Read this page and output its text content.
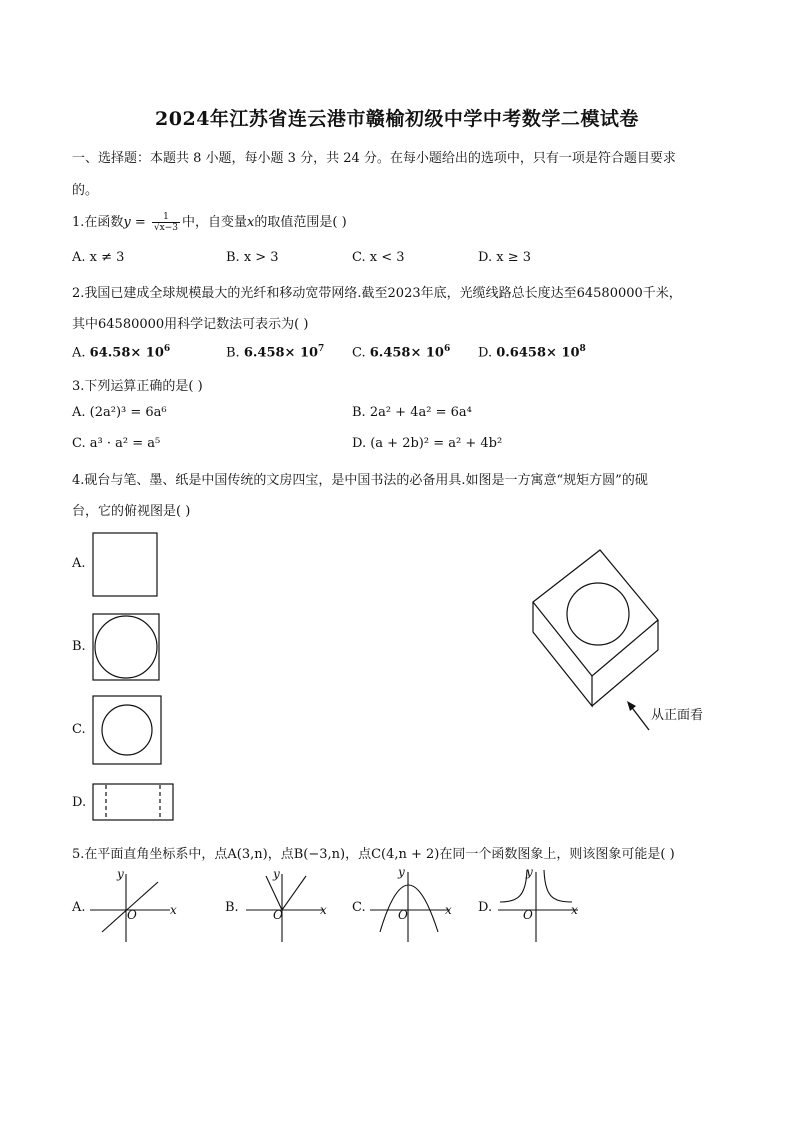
2024年江苏省连云港市赣榆初级中学中考数学二模试卷
一、选择题：本题共 8 小题，每小题 3 分，共 24 分。在每小题给出的选项中，只有一项是符合题目要求
的。
1.在函数$y = \frac{1}{√x-3}$ 中，自变量x的取值范围是( )
A. x ≠ 3	B. x > 3	C. x < 3	D. x ≥ 3
2.我国已建成全球规模最大的光纤和移动宽带网络.截至2023年底，光缆线路总长度达至64580000千米，
其中64580000用科学记数法可表示为( )
A. $64.58\times 10^6$	B. $6.458\times 10^7$ C. $6.458\times 10^6$ D. $0.6458\times 10^8$
3.下列运算正确的是( )
A. (2a²)³ = 6a⁶	B. 2a² + 4a² = 6a⁴
C. a³ · a² = a⁵	D. (a + 2b)² = a² + 4b²
4.砚台与笔、墨、纸是中国传统的文房四宝，是中国书法的必备用具.如图是一方寓意“规矩方圆”的砚
台，它的俯视图是( )
A.
B.
C.
D.
从正面看
5.在平面直角坐标系中，点A(3,n)，点B(−3,n)，点C(4,n + 2)在同一个函数图象上，则该图象可能是( )
A.
y
x
O	B.
y
x
O	C.
y
x
O	D.
y
x
O
